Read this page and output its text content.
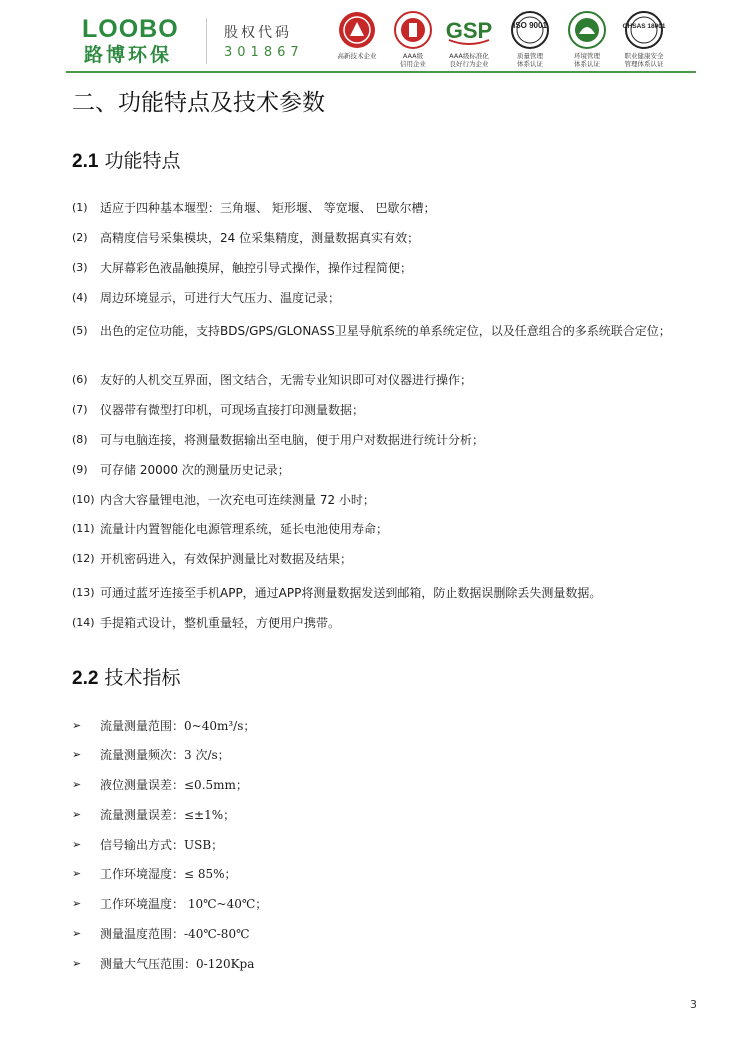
LOOBO
路博环保
股权代码
301867	高新技术企业	AAA级
信用企业
GSP
AAA级标准化
良好行为企业
ISO 9001
质量管理
体系认证
环境管理
体系认证
OHSAS 18001
职业健康安全
管理体系认证
二、功能特点及技术参数
2.1 功能特点
(1) 适应于四种基本堰型：三角堰、 矩形堰、 等宽堰、 巴歇尔槽；
(2) 高精度信号采集模块，24 位采集精度，测量数据真实有效；
(3) 大屏幕彩色液晶触摸屏，触控引导式操作，操作过程简便；
(4) 周边环境显示，可进行大气压力、温度记录；
(5) 出色的定位功能，支持BDS/GPS/GLONASS卫星导航系统的单系统定位，以及任意组合的多系统联合定位；
(6) 友好的人机交互界面，图文结合，无需专业知识即可对仪器进行操作；
(7) 仪器带有微型打印机，可现场直接打印测量数据；
(8) 可与电脑连接，将测量数据输出至电脑，便于用户对数据进行统计分析；
(9) 可存储 20000 次的测量历史记录；
(10) 内含大容量锂电池，一次充电可连续测量 72 小时；
(11) 流量计内置智能化电源管理系统，延长电池使用寿命；
(12) 开机密码进入，有效保护测量比对数据及结果；
(13) 可通过蓝牙连接至手机APP，通过APP将测量数据发送到邮箱，防止数据误删除丢失测量数据。
(14) 手提箱式设计，整机重量轻，方便用户携带。
2.2 技术指标
➢ 流量测量范围：0~40m³/s；
➢ 流量测量频次：3 次/s；
➢ 液位测量误差：≤0.5mm；
➢ 流量测量误差：≤±1%；
➢ 信号输出方式：USB；
➢ 工作环境湿度：≤ 85%；
➢ 工作环境温度： 10℃~40℃；
➢ 测量温度范围：-40℃-80℃
➢ 测量大气压范围：0-120Kpa
3
